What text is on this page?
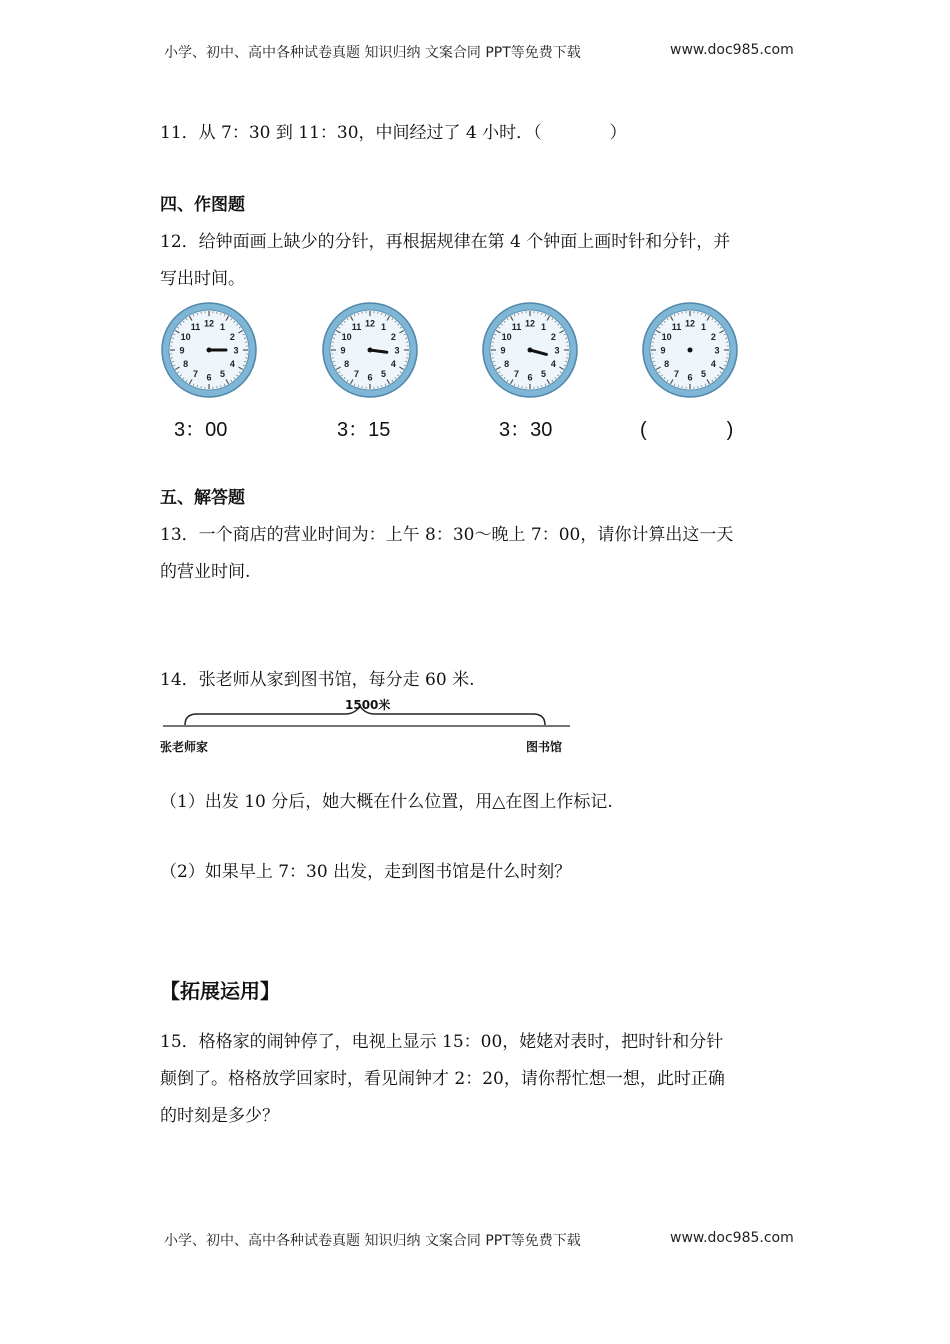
小学、初中、高中各种试卷真题 知识归纳 文案合同 PPT等免费下载	www.doc985.com
11．从 7：30 到 11：30，中间经过了 4 小时．（　　　　）
四、作图题
12．给钟面画上缺少的分针，再根据规律在第 4 个钟面上画时针和分针，并
写出时间。
12 1
2
3
4
5
6
7
8
9
10
11	12 1
2
3
4
5
6
7
8
9
10
11	12 1
2
3
4
5
6
7
8
9
10
11	12 1
2
3
4
5
6
7
8
9
10
11
3：00	3：15	3：30	(　　　　)
五、解答题
13．一个商店的营业时间为：上午 8：30～晚上 7：00，请你计算出这一天
的营业时间.
14．张老师从家到图书馆，每分走 60 米.
1500米
张老师家	图书馆
（1）出发 10 分后，她大概在什么位置，用△在图上作标记.
（2）如果早上 7：30 出发，走到图书馆是什么时刻？
【拓展运用】
15．格格家的闹钟停了，电视上显示 15：00，姥姥对表时，把时针和分针
颠倒了。格格放学回家时，看见闹钟才 2：20，请你帮忙想一想，此时正确
的时刻是多少？
小学、初中、高中各种试卷真题 知识归纳 文案合同 PPT等免费下载	www.doc985.com
